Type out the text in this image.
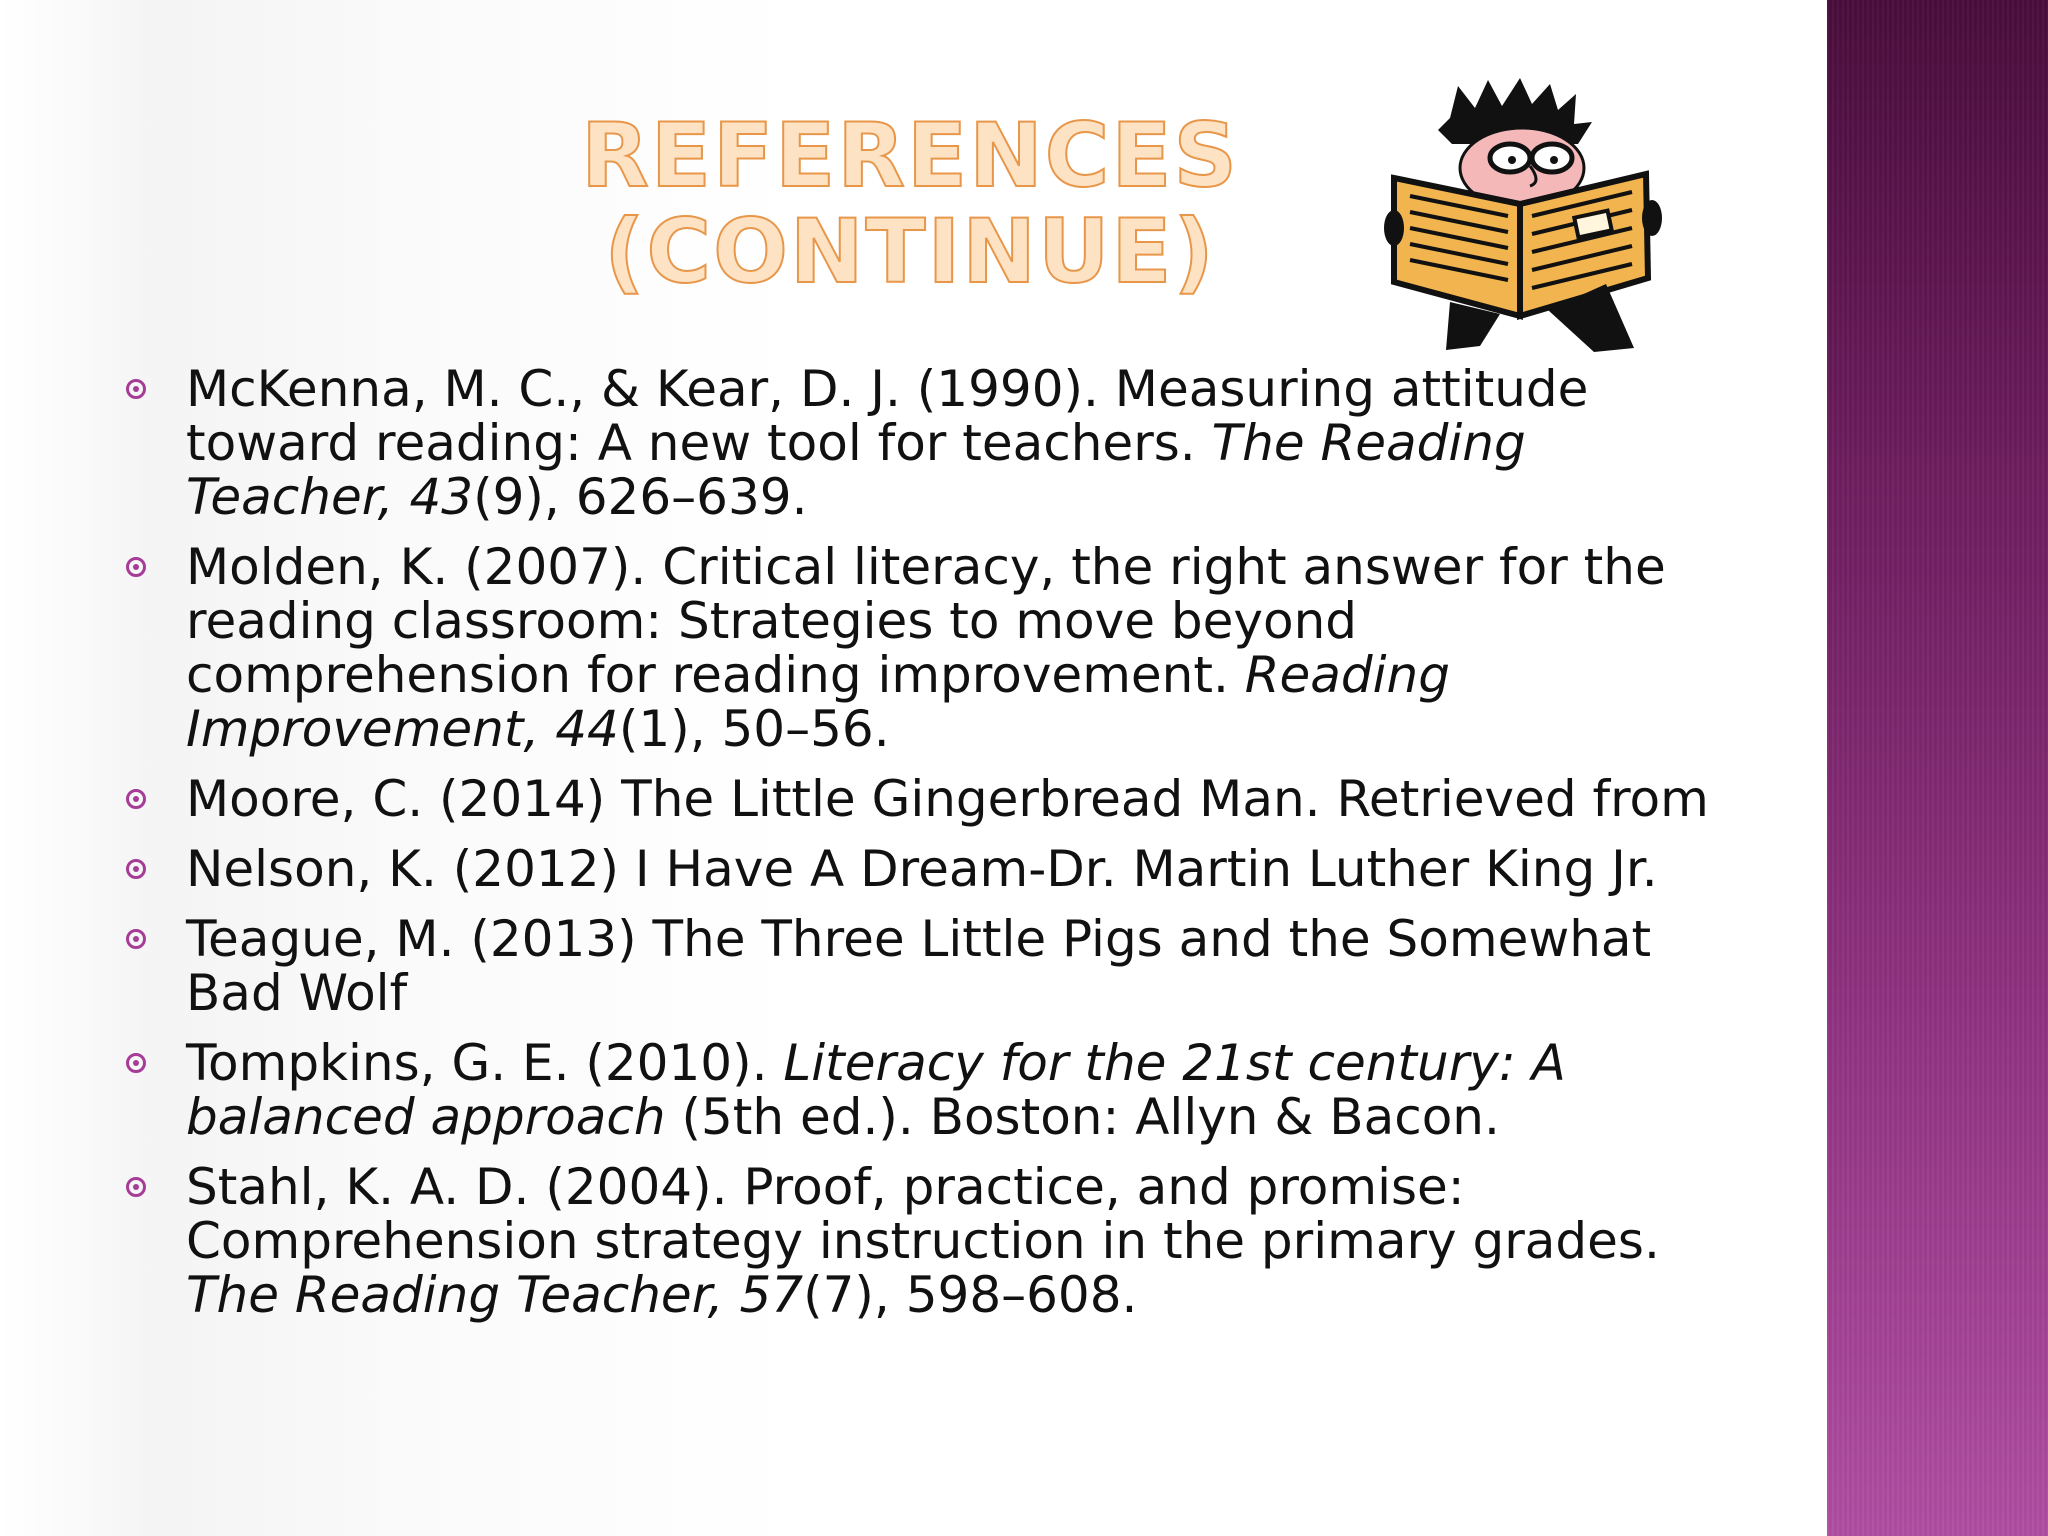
REFERENCES
(CONTINUE)
McKenna, M. C., & Kear, D. J. (1990). Measuring attitude toward reading: A new tool for teachers. The Reading Teacher, 43(9), 626–639.
Molden, K. (2007). Critical literacy, the right answer for the reading classroom: Strategies to move beyond comprehension for reading improvement. Reading Improvement, 44(1), 50–56.
Moore, C. (2014) The Little Gingerbread Man. Retrieved from
Nelson, K. (2012) I Have A Dream-Dr. Martin Luther King Jr.
Teague, M. (2013) The Three Little Pigs and the Somewhat Bad Wolf
Tompkins, G. E. (2010). Literacy for the 21st century: A balanced approach (5th ed.). Boston: Allyn & Bacon.
Stahl, K. A. D. (2004). Proof, practice, and promise: Comprehension strategy instruction in the primary grades. The Reading Teacher, 57(7), 598–608.
